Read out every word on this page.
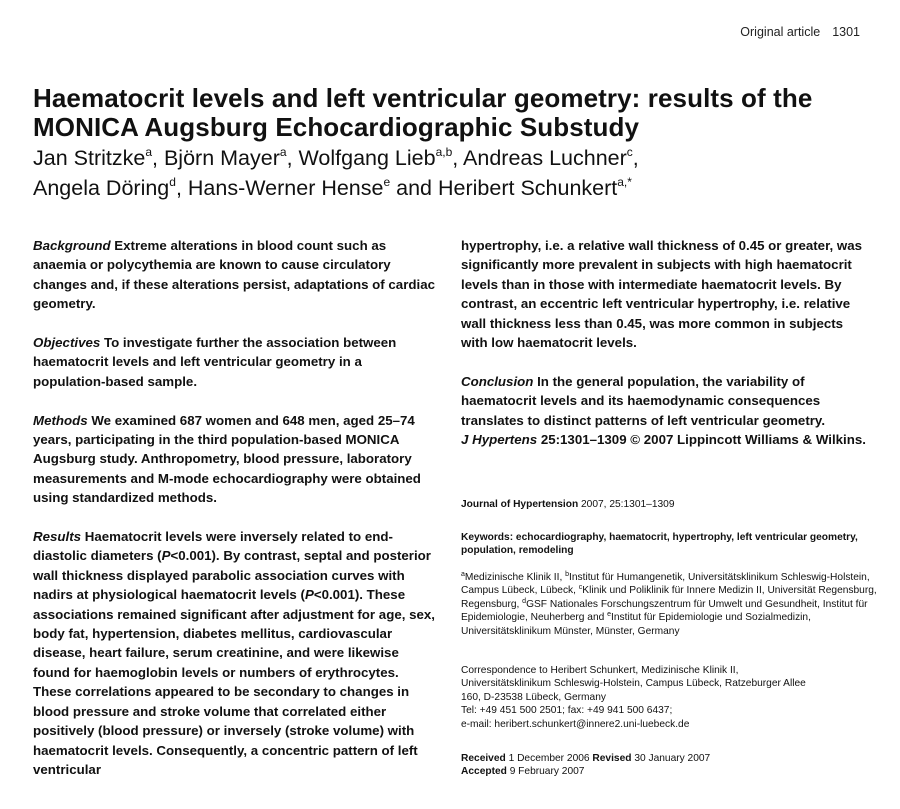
Original article 1301
Haematocrit levels and left ventricular geometry: results of the MONICA Augsburg Echocardiographic Substudy

Jan Stritzke$^a$, Björn Mayer$^a$, Wolfgang Lieb$^{a,b}$, Andreas Luchner$^c$,
Angela Döring$^d$, Hans-Werner Hense$^e$ and Heribert Schunkert$^{a,*}$

Background Extreme alterations in blood count such as anaemia or polycythemia are known to cause circulatory changes and, if these alterations persist, adaptations of cardiac geometry.

Objectives To investigate further the association between haematocrit levels and left ventricular geometry in a population-based sample.

Methods We examined 687 women and 648 men, aged 25–74 years, participating in the third population-based MONICA Augsburg study. Anthropometry, blood pressure, laboratory measurements and M-mode echocardiography were obtained using standardized methods.

Results Haematocrit levels were inversely related to end-diastolic diameters (P<0.001). By contrast, septal and posterior wall thickness displayed parabolic association curves with nadirs at physiological haematocrit levels (P<0.001). These associations remained significant after adjustment for age, sex, body fat, hypertension, diabetes mellitus, cardiovascular disease, heart failure, serum creatinine, and were likewise found for haemoglobin levels or numbers of erythrocytes. These correlations appeared to be secondary to changes in blood pressure and stroke volume that correlated either positively (blood pressure) or inversely (stroke volume) with haematocrit levels. Consequently, a concentric pattern of left ventricular

hypertrophy, i.e. a relative wall thickness of 0.45 or greater, was significantly more prevalent in subjects with high haematocrit levels than in those with intermediate haematocrit levels. By contrast, an eccentric left ventricular hypertrophy, i.e. relative wall thickness less than 0.45, was more common in subjects with low haematocrit levels.

Conclusion In the general population, the variability of haematocrit levels and its haemodynamic consequences translates to distinct patterns of left ventricular geometry.
J Hypertens 25:1301–1309 © 2007 Lippincott Williams & Wilkins.

Journal of Hypertension 2007, 25:1301–1309
Keywords: echocardiography, haematocrit, hypertrophy, left ventricular geometry, population, remodeling
$^a$Medizinische Klinik II, $^b$Institut für Humangenetik, Universitätsklinikum Schleswig-Holstein, Campus Lübeck, Lübeck, $^c$Klinik und Poliklinik für Innere Medizin II, Universität Regensburg, Regensburg, $^d$GSF Nationales Forschungszentrum für Umwelt und Gesundheit, Institut für Epidemiologie, Neuherberg and $^e$Institut für Epidemiologie und Sozialmedizin, Universitätsklinikum Münster, Münster, Germany
Correspondence to Heribert Schunkert, Medizinische Klinik II,
Universitätsklinikum Schleswig-Holstein, Campus Lübeck, Ratzeburger Allee
160, D-23538 Lübeck, Germany
Tel: +49 451 500 2501; fax: +49 941 500 6437;
e-mail: heribert.schunkert@innere2.uni-luebeck.de
Received 1 December 2006 Revised 30 January 2007
Accepted 9 February 2007
